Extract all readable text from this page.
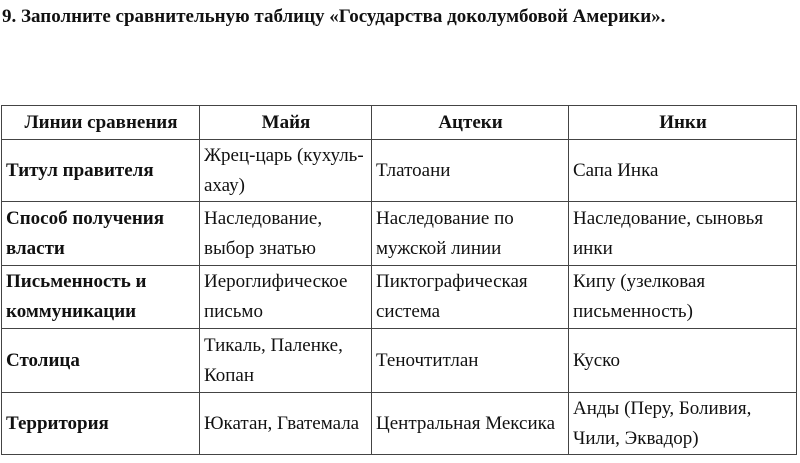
9. Заполните сравнительную таблицу «Государства доколумбовой Америки».
Линии сравнения	Майя	Ацтеки	Инки
Титул правителя	Жрец-царь (кухуль-ахау)	Тлатоани	Сапа Инка
Способ получения власти	Наследование, выбор знатью	Наследование по мужской линии	Наследование, сыновья инки
Письменность и коммуникации	Иероглифическое письмо	Пиктографическая система	Кипу (узелковая письменность)
Столица	Тикаль, Паленке, Копан	Теночтитлан	Куско
Территория	Юкатан, Гватемала	Центральная Мексика	Анды (Перу, Боливия, Чили, Эквадор)
